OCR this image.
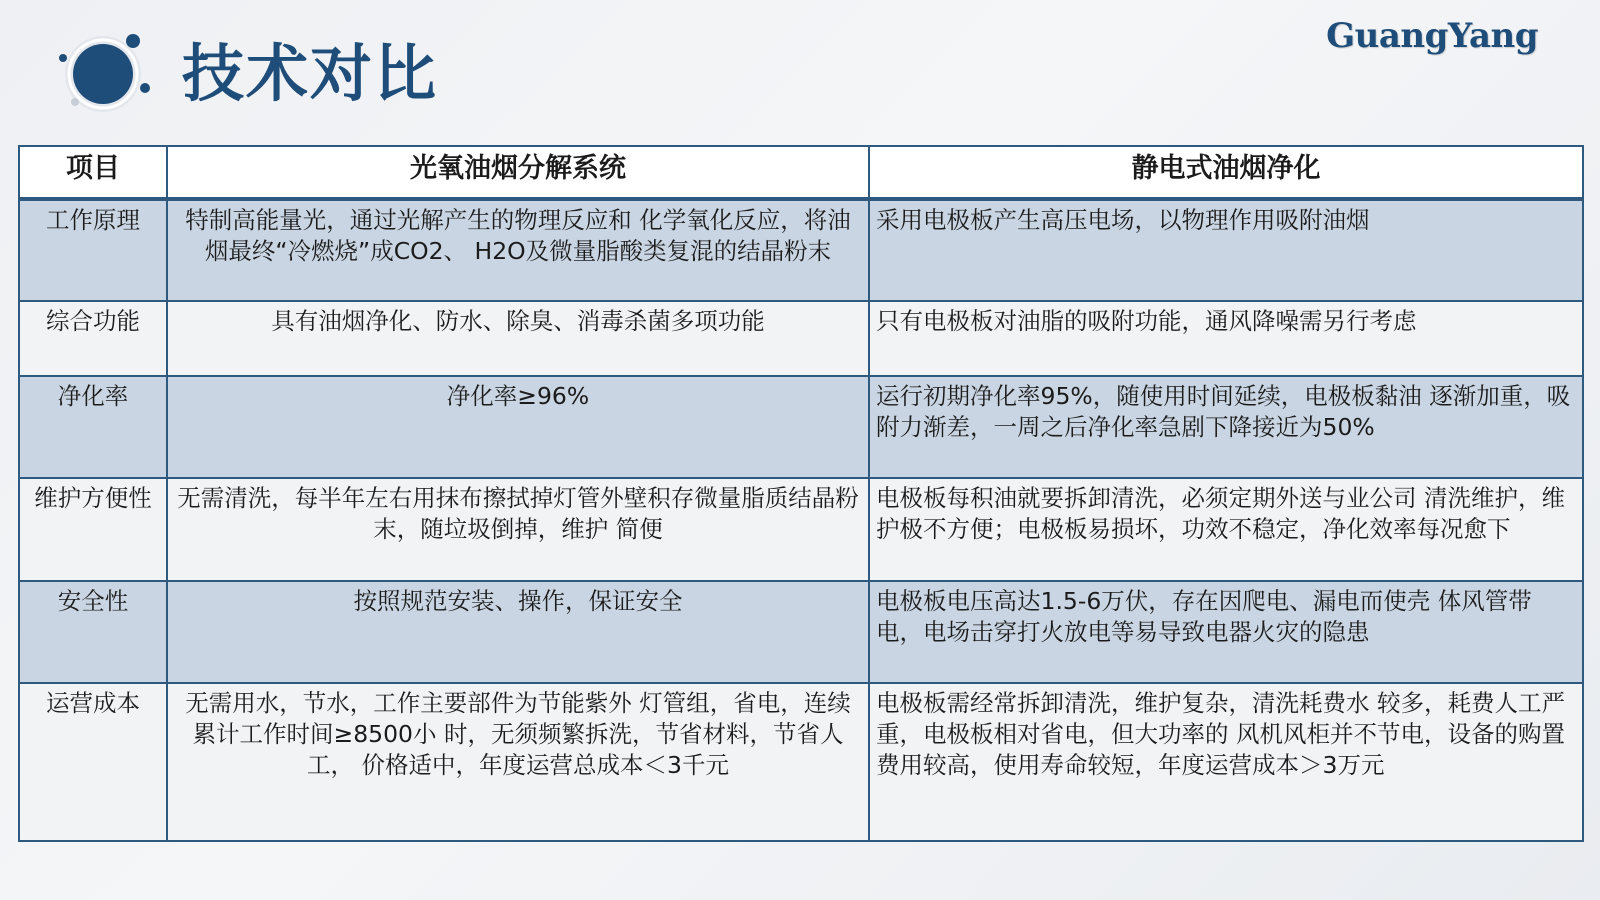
技术对比
GuangYang
项目	光氧油烟分解系统	静电式油烟净化
工作原理	特制高能量光，通过光解产生的物理反应和 化学氧化反应，将油烟最终“冷燃烧”成CO2、 H2O及微量脂酸类复混的结晶粉末	采用电极板产生高压电场，以物理作用吸附油烟
综合功能	具有油烟净化、防水、除臭、消毒杀菌多项功能	只有电极板对油脂的吸附功能，通风降噪需另行考虑
净化率	净化率≥96%	运行初期净化率95%，随使用时间延续，电极板黏油 逐渐加重，吸附力渐差，一周之后净化率急剧下降接近为50%
维护方便性	无需清洗，每半年左右用抹布擦拭掉灯管外壁积存微量脂质结晶粉末，随垃圾倒掉，维护 简便	电极板每积油就要拆卸清洗，必须定期外送与业公司 清洗维护，维护极不方便；电极板易损坏，功效不稳定，净化效率每况愈下
安全性	按照规范安装、操作，保证安全	电极板电压高达1.5-6万伏，存在因爬电、漏电而使壳 体风管带电，电场击穿打火放电等易导致电器火灾的隐患
运营成本	无需用水，节水，工作主要部件为节能紫外 灯管组，省电，连续累计工作时间≥8500小 时，无须频繁拆洗，节省材料，节省人工， 价格适中，年度运营总成本＜3千元	电极板需经常拆卸清洗，维护复杂，清洗耗费水 较多，耗费人工严重，电极板相对省电，但大功率的 风机风柜并不节电，设备的购置费用较高，使用寿命较短，年度运营成本＞3万元
